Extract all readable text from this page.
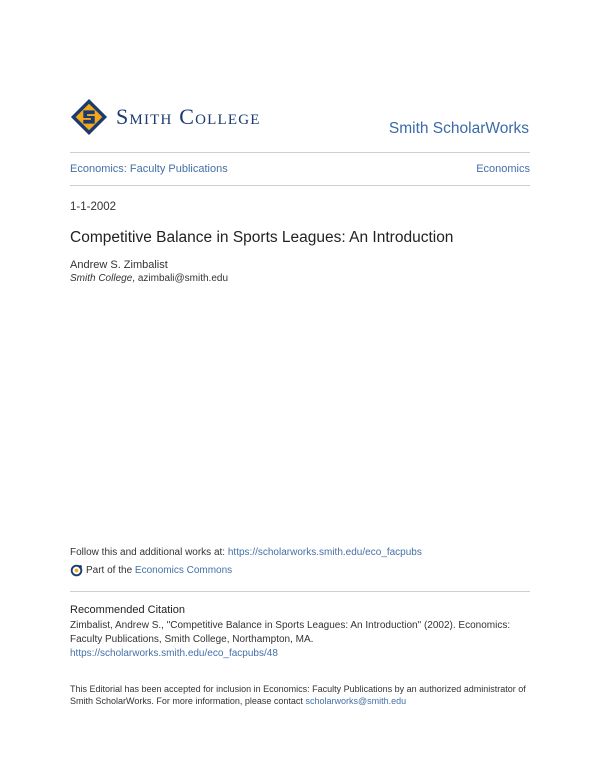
Smith College	Smith ScholarWorks
Economics: Faculty Publications	Economics
1-1-2002
Competitive Balance in Sports Leagues: An Introduction
Andrew S. Zimbalist
Smith College, azimbali@smith.edu
Follow this and additional works at: https://scholarworks.smith.edu/eco_facpubs
Part of the
Economics Commons
Recommended Citation
Zimbalist, Andrew S., "Competitive Balance in Sports Leagues: An Introduction" (2002). Economics: Faculty Publications, Smith College, Northampton, MA.
https://scholarworks.smith.edu/eco_facpubs/48
This Editorial has been accepted for inclusion in Economics: Faculty Publications by an authorized administrator of Smith ScholarWorks. For more information, please contact scholarworks@smith.edu
